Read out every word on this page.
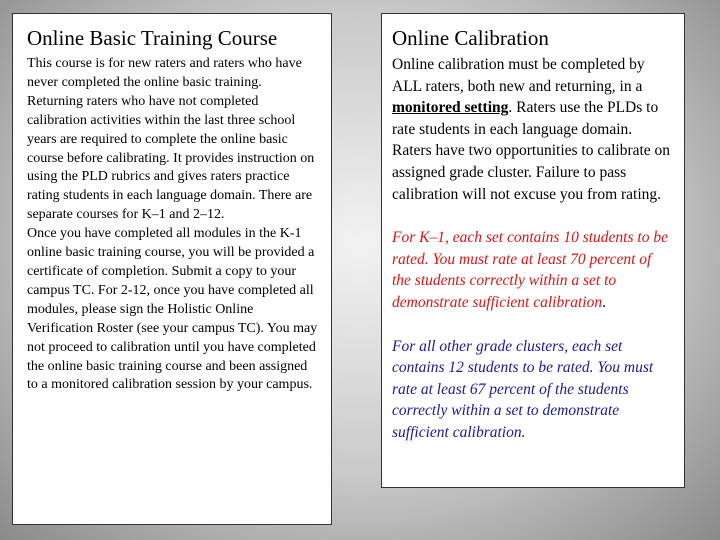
Online Basic Training Course
This course is for new raters and raters who have never completed the online basic training. Returning raters who have not completed calibration activities within the last three school years are required to complete the online basic course before calibrating. It provides instruction on using the PLD rubrics and gives raters practice rating students in each language domain. There are separate courses for K–1 and 2–12.
Once you have completed all modules in the K-1 online basic training course, you will be provided a certificate of completion. Submit a copy to your campus TC. For 2-12, once you have completed all modules, please sign the Holistic Online Verification Roster (see your campus TC). You may not proceed to calibration until you have completed the online basic training course and been assigned to a monitored calibration session by your campus.
Online Calibration

Online calibration must be completed by ALL raters, both new and returning, in a monitored setting. Raters use the PLDs to rate students in each language domain. Raters have two opportunities to calibrate on assigned grade cluster. Failure to pass calibration will not excuse you from rating.

For K–1, each set contains 10 students to be rated. You must rate at least 70 percent of the students correctly within a set to demonstrate sufficient calibration.

For all other grade clusters, each set contains 12 students to be rated. You must rate at least 67 percent of the students correctly within a set to demonstrate sufficient calibration.
